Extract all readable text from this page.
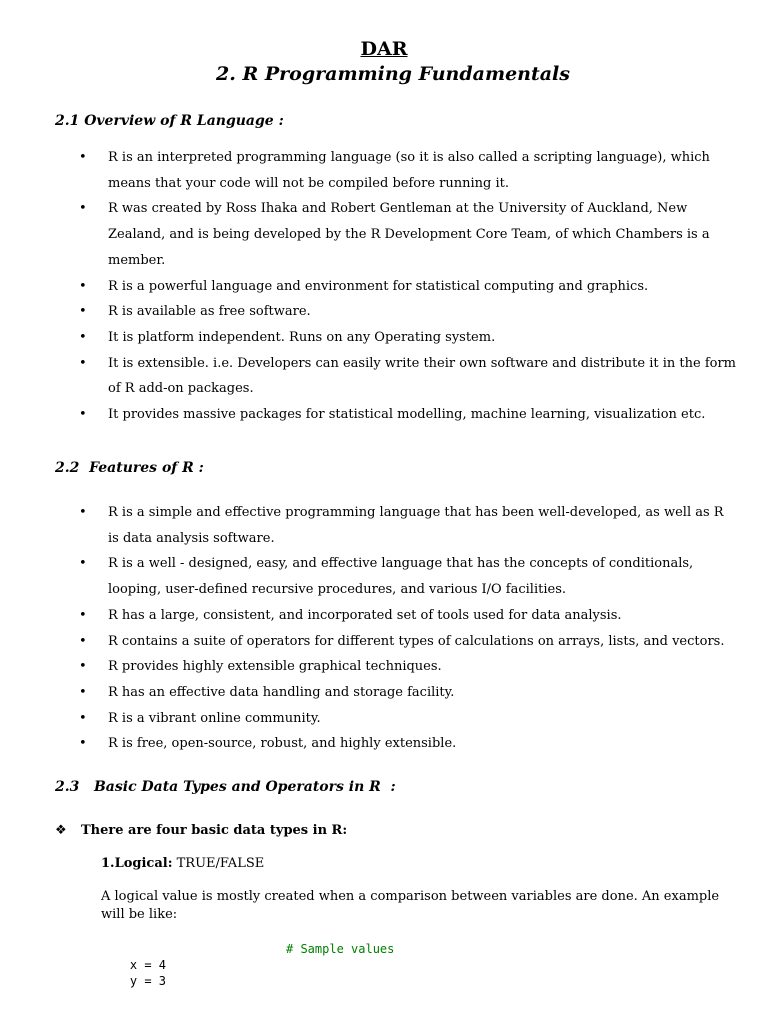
DAR
2. R Programming Fundamentals
2.1 Overview of R Language :
• R is an interpreted programming language (so it is also called a scripting language), which means that your code will not be compiled before running it.
• R was created by Ross Ihaka and Robert Gentleman at the University of Auckland, New Zealand, and is being developed by the R Development Core Team, of which Chambers is a member.
• R is a powerful language and environment for statistical computing and graphics.
• R is available as free software.
• It is platform independent. Runs on any Operating system.
• It is extensible. i.e. Developers can easily write their own software and distribute it in the form of R add-on packages.
• It provides massive packages for statistical modelling, machine learning, visualization etc.
2.2  Features of R :
• R is a simple and effective programming language that has been well-developed, as well as R is data analysis software.
• R is a well - designed, easy, and effective language that has the concepts of conditionals, looping, user-defined recursive procedures, and various I/O facilities.
• R has a large, consistent, and incorporated set of tools used for data analysis.
• R contains a suite of operators for different types of calculations on arrays, lists, and vectors.
• R provides highly extensible graphical techniques.
• R has an effective data handling and storage facility.
• R is a vibrant online community.
• R is free, open-source, robust, and highly extensible.
2.3   Basic Data Types and Operators in R  :
❖ There are four basic data types in R:
1.Logical: TRUE/FALSE
A logical value is mostly created when a comparison between variables are done. An example will be like:

x = 4

# Sample values

y = 3
